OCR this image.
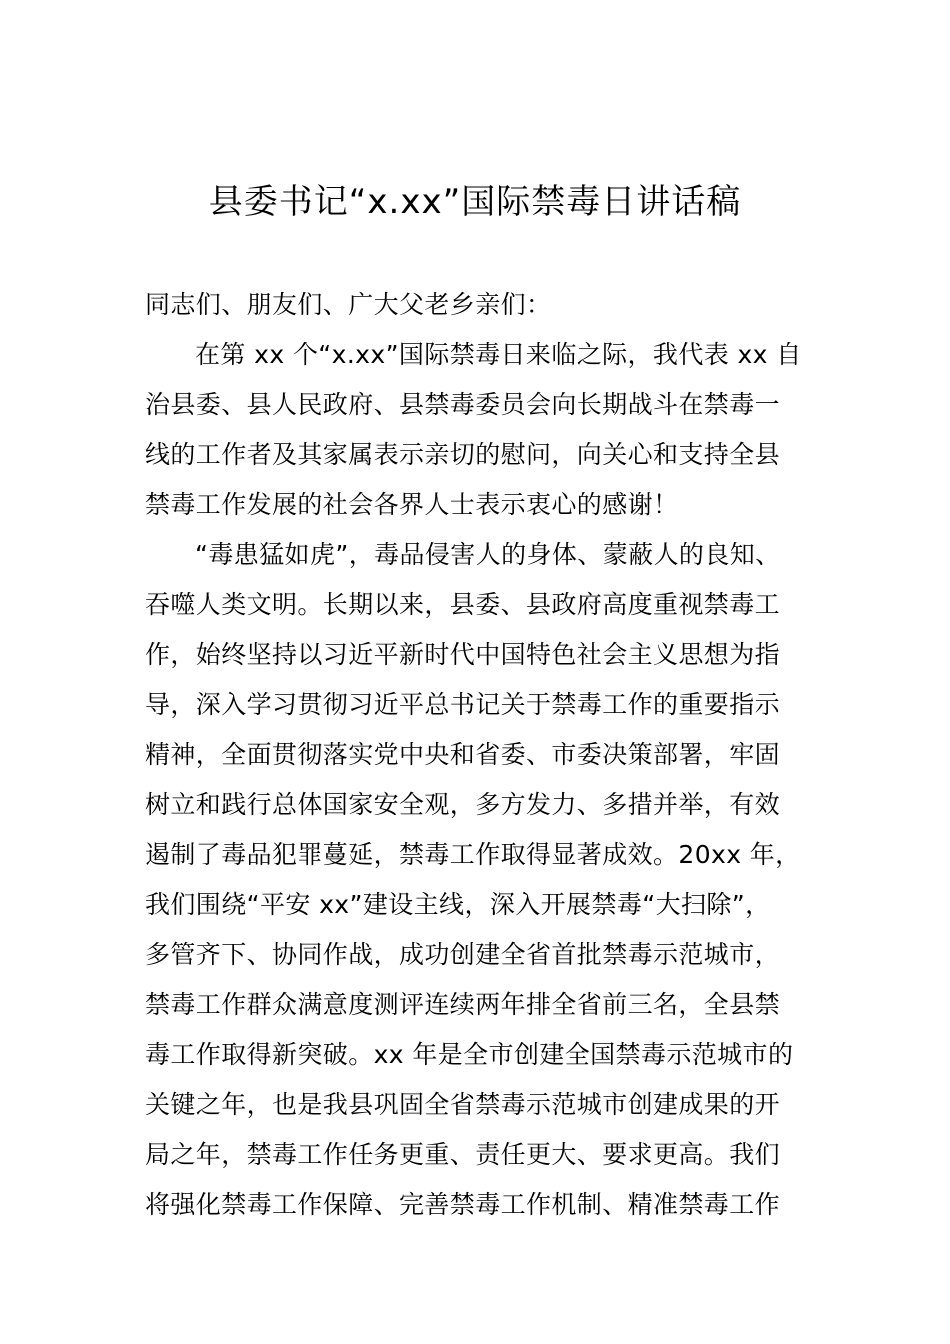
县委书记“x.xx”国际禁毒日讲话稿
同志们、朋友们、广大父老乡亲们：
在第 xx 个“x.xx”国际禁毒日来临之际，我代表 xx 自
治县委、县人民政府、县禁毒委员会向长期战斗在禁毒一
线的工作者及其家属表示亲切的慰问，向关心和支持全县
禁毒工作发展的社会各界人士表示衷心的感谢！
“毒患猛如虎”，毒品侵害人的身体、蒙蔽人的良知、
吞噬人类文明。长期以来，县委、县政府高度重视禁毒工
作，始终坚持以习近平新时代中国特色社会主义思想为指
导，深入学习贯彻习近平总书记关于禁毒工作的重要指示
精神，全面贯彻落实党中央和省委、市委决策部署，牢固
树立和践行总体国家安全观，多方发力、多措并举，有效
遏制了毒品犯罪蔓延，禁毒工作取得显著成效。20xx 年，
我们围绕“平安 xx”建设主线，深入开展禁毒“大扫除”，
多管齐下、协同作战，成功创建全省首批禁毒示范城市，
禁毒工作群众满意度测评连续两年排全省前三名，全县禁
毒工作取得新突破。xx 年是全市创建全国禁毒示范城市的
关键之年，也是我县巩固全省禁毒示范城市创建成果的开
局之年，禁毒工作任务更重、责任更大、要求更高。我们
将强化禁毒工作保障、完善禁毒工作机制、精准禁毒工作
